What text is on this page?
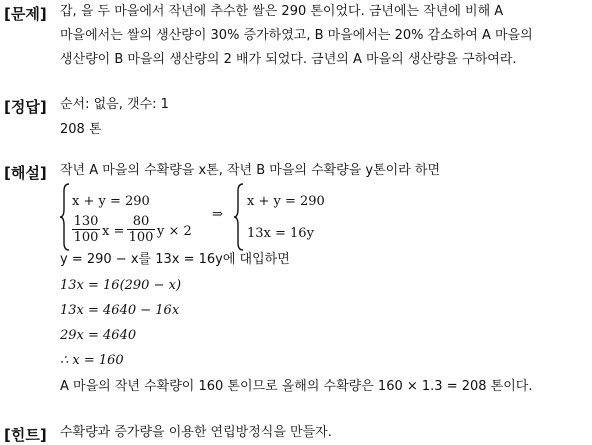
[문제] 갑, 을 두 마을에서 작년에 추수한 쌀은 290 톤이었다. 금년에는 작년에 비해 A
마을에서는 쌀의 생산량이 30% 증가하였고, B 마을에서는 20% 감소하여 A 마을의
생산량이 B 마을의 생산량의 2 배가 되었다. 금년의 A 마을의 생산량을 구하여라.
[정답] 순서: 없음, 갯수: 1
208 톤
[해설] 작년 A 마을의 수확량을 x톤, 작년 B 마을의 수확량을 y톤이라 하면
x + y = 290
$\frac{130}{100}$ $x = \frac{80}{100}$ y × 2
⇒
x + y = 290
13x = 16y
y = 290 − x를 13x = 16y에 대입하면
13x = 16(290 − x)
13x = 4640 − 16x
29x = 4640
∴ x = 160
A 마을의 작년 수확량이 160 톤이므로 올해의 수확량은 160 × 1.3 = 208 톤이다.
[힌트] 수확량과 증가량을 이용한 연립방정식을 만들자.
